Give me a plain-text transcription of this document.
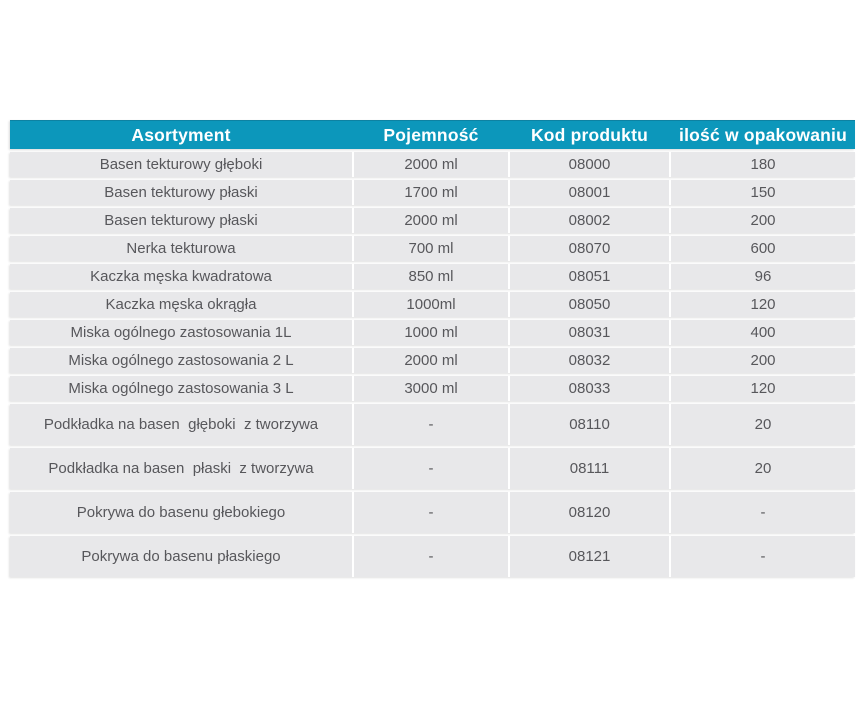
Asortyment	Pojemność	Kod produktu	ilość w opakowaniu
Basen tekturowy głęboki	2000 ml	08000	180
Basen tekturowy płaski	1700 ml	08001	150
Basen tekturowy płaski	2000 ml	08002	200
Nerka tekturowa	700 ml	08070	600
Kaczka męska kwadratowa	850 ml	08051	96
Kaczka męska okrągła	1000ml	08050	120
Miska ogólnego zastosowania 1L	1000 ml	08031	400
Miska ogólnego zastosowania 2 L	2000 ml	08032	200
Miska ogólnego zastosowania 3 L	3000 ml	08033	120
Podkładka na basen  głęboki  z tworzywa	-	08110	20
Podkładka na basen  płaski  z tworzywa	-	08111	20
Pokrywa do basenu głebokiego	-	08120	-
Pokrywa do basenu płaskiego	-	08121	-
